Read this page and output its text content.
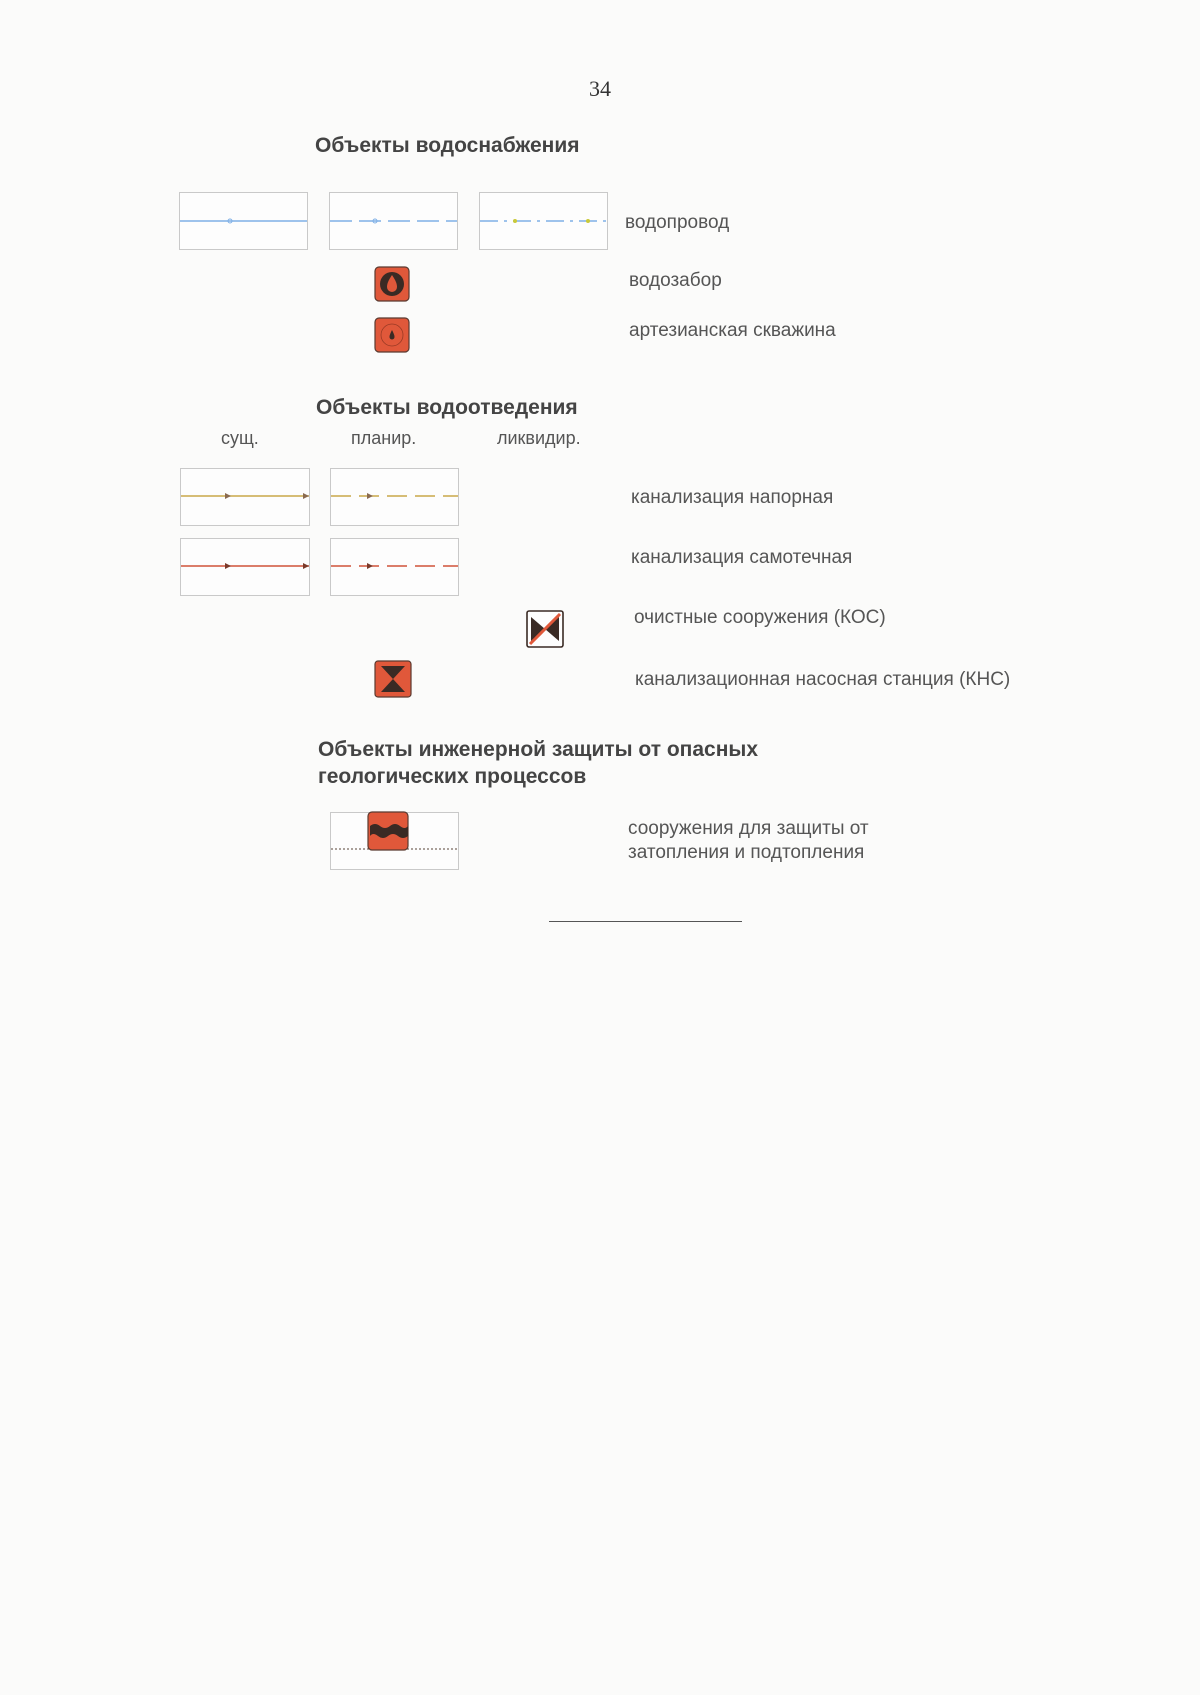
34
Объекты водоснабжения
водопровод
водозабор
артезианская скважина
Объекты водоотведения
сущ.	планир.	ликвидир.
канализация напорная
канализация самотечная
очистные сооружения (КОС)
канализационная насосная станция (КНС)
Объекты инженерной защиты от опасных
геологических процессов
сооружения для защиты от
затопления и подтопления
